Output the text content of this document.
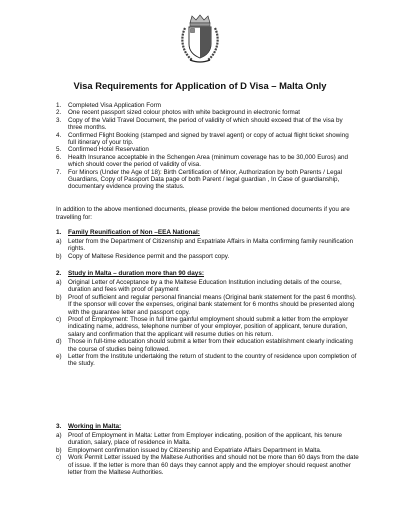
Visa Requirements for Application of D Visa – Malta Only
1. Completed Visa Application Form
2. One recent passport sized colour photos with white background in electronic format
3. Copy of the Valid Travel Document, the period of validity of which should exceed that of the visa by three months.
4. Confirmed Flight Booking (stamped and signed by travel agent) or copy of actual flight ticket showing full itinerary of your trip.
5. Confirmed Hotel Reservation
6. Health Insurance acceptable in the Schengen Area (minimum coverage has to be 30,000 Euros) and which should cover the period of validity of visa.
7. For Minors (Under the Age of 18): Birth Certification of Minor, Authorization by both Parents / Legal Guardians, Copy of Passport Data page of both Parent / legal guardian , In Case of guardianship, documentary evidence proving the status.
In addition to the above mentioned documents, please provide the below mentioned documents if you are travelling for:
1. Family Reunification of Non –EEA National:
a) Letter from the Department of Citizenship and Expatriate Affairs in Malta confirming family reunification rights.
b) Copy of Maltese Residence permit and the passport copy.
2. Study in Malta – duration more than 90 days:
a) Original Letter of Acceptance by a the Maltese Education Institution including details of the course, duration and fees with proof of payment
b) Proof of sufficient and regular personal financial means (Original bank statement for the past 6 months). If the sponsor will cover the expenses, original bank statement for 6 months should be presented along with the guarantee letter and passport copy.
c) Proof of Employment: Those in full time gainful employment should submit a letter from the employer indicating name, address, telephone number of your employer, position of applicant, tenure duration, salary and confirmation that the applicant will resume duties on his return.
d) Those in full-time education should submit a letter from their education establishment clearly indicating the course of studies being followed.
e) Letter from the Institute undertaking the return of student to the country of residence upon completion of the study.
3. Working in Malta:
a) Proof of Employment in Malta: Letter from Employer indicating, position of the applicant, his tenure duration, salary, place of residence in Malta.
b) Employment confirmation issued by Citizenship and Expatriate Affairs Department in Malta.
c) Work Permit Letter issued by the Maltese Authorities and should not be more than 60 days from the date of issue. If the letter is more than 60 days they cannot apply and the employer should request another letter from the Maltese Authorities.
